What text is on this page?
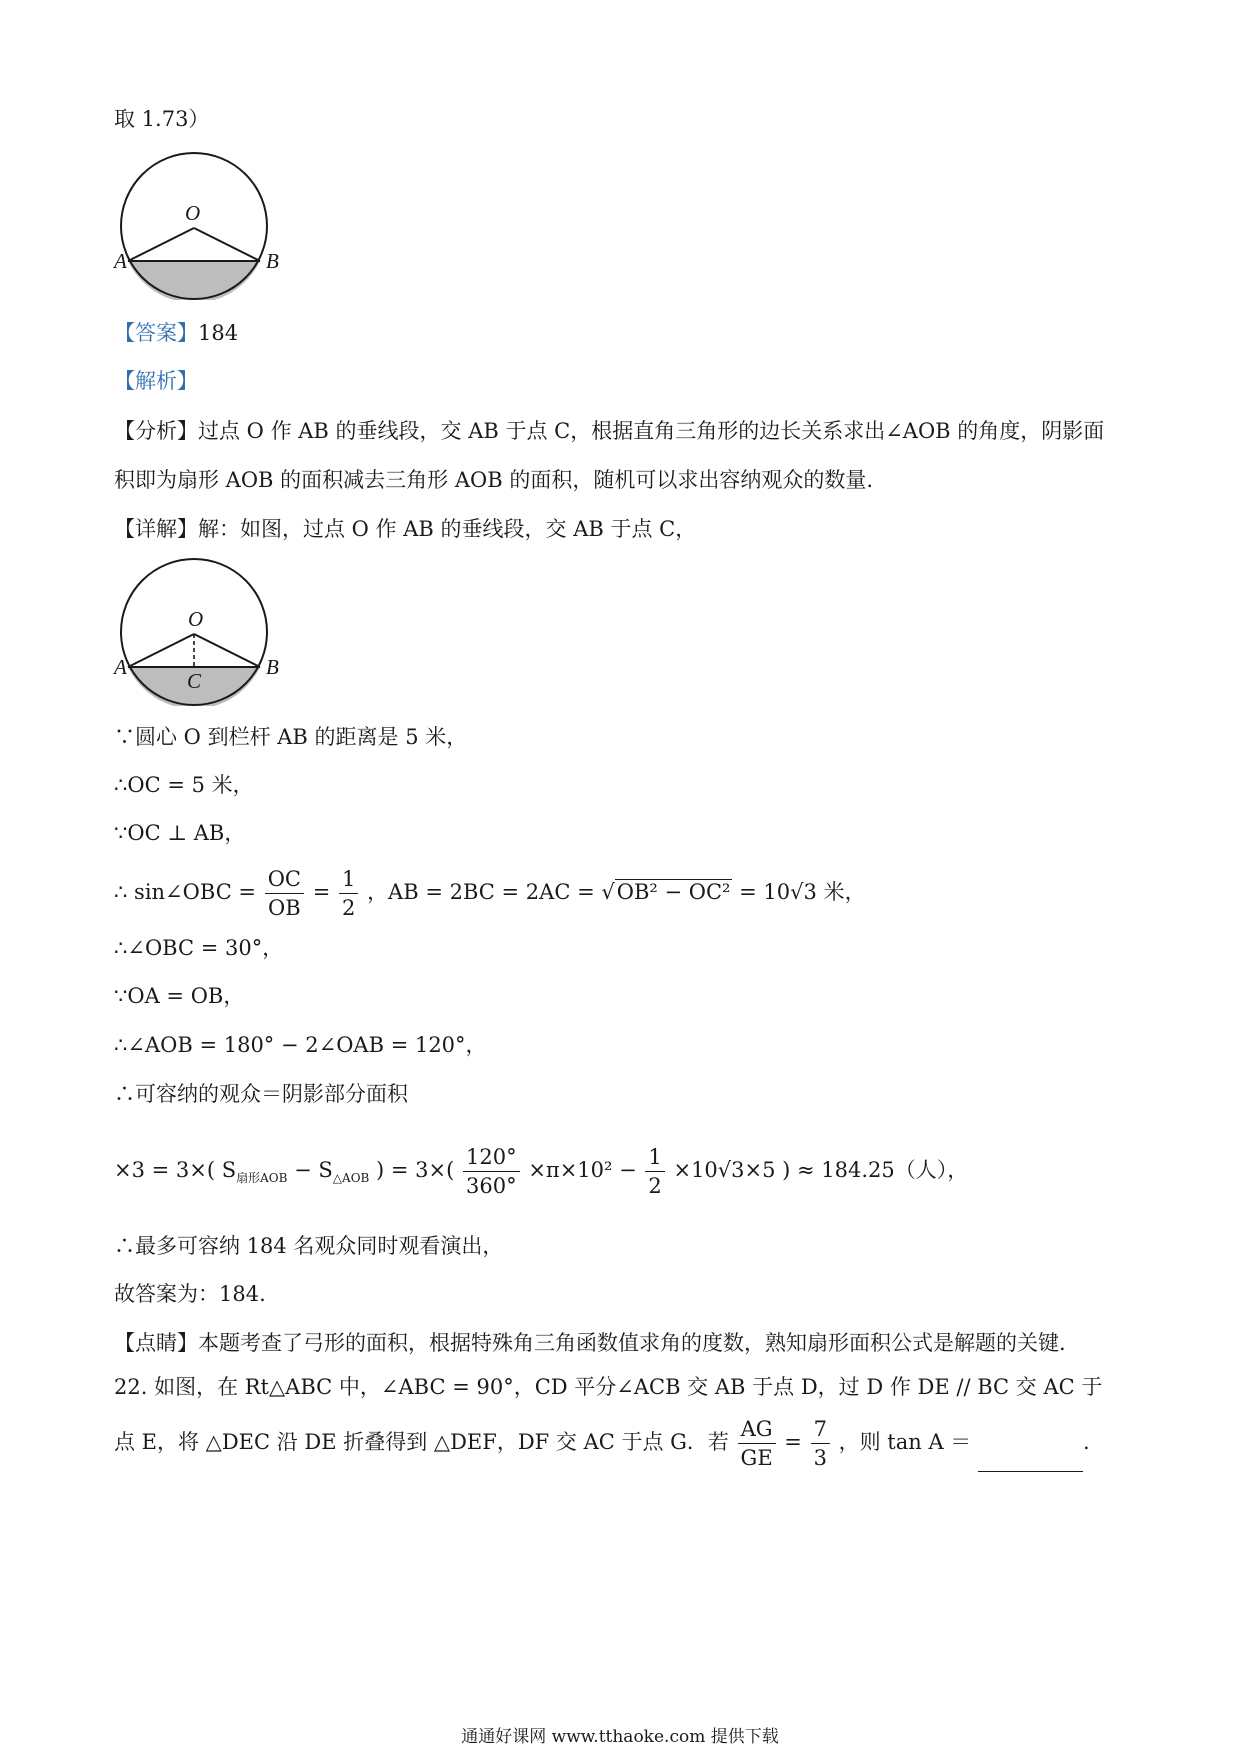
取 1.73）
O
A	B
【答案】184
【解析】
【分析】过点 O 作 AB 的垂线段，交 AB 于点 C，根据直角三角形的边长关系求出∠AOB 的角度，阴影面
积即为扇形 AOB 的面积减去三角形 AOB 的面积，随机可以求出容纳观众的数量.
【详解】解：如图，过点 O 作 AB 的垂线段，交 AB 于点 C，
O
A	B
C
∵圆心 O 到栏杆 AB 的距离是 5 米，
∴OC = 5 米，
∵OC ⊥ AB，
∴ sin∠OBC = $\frac{OC}{OB} = \frac{1}{2}$ ，AB = 2BC = 2AC = √OB² − OC² = 10√3 米，
∴∠OBC = 30°，
∵OA = OB，
∴∠AOB = 180° − 2∠OAB = 120°，
∴可容纳的观众＝阴影部分面积
×3 = 3×( $S_{扇形AOB} - S_{\triangle AOB}$ ) = $3\times( \frac{120^\circ}{360^\circ} \times\pi\times 10^2 - \frac{1}{2} \times 10√3\times 5$ ) ≈ 184.25（人），
∴最多可容纳 184 名观众同时观看演出，
故答案为：184.
【点睛】本题考查了弓形的面积，根据特殊角三角函数值求角的度数，熟知扇形面积公式是解题的关键.
22. 如图，在 Rt△ABC 中，∠ABC = 90°，CD 平分∠ACB 交 AB 于点 D，过 D 作 DE // BC 交 AC 于
点 E，将 △DEC 沿 DE 折叠得到 △DEF，DF 交 AC 于点 G．若 $\frac{AG}{GE} = \frac{7}{3}$ ，则 tan A ＝	.
通通好课网 www.tthaoke.com 提供下载
